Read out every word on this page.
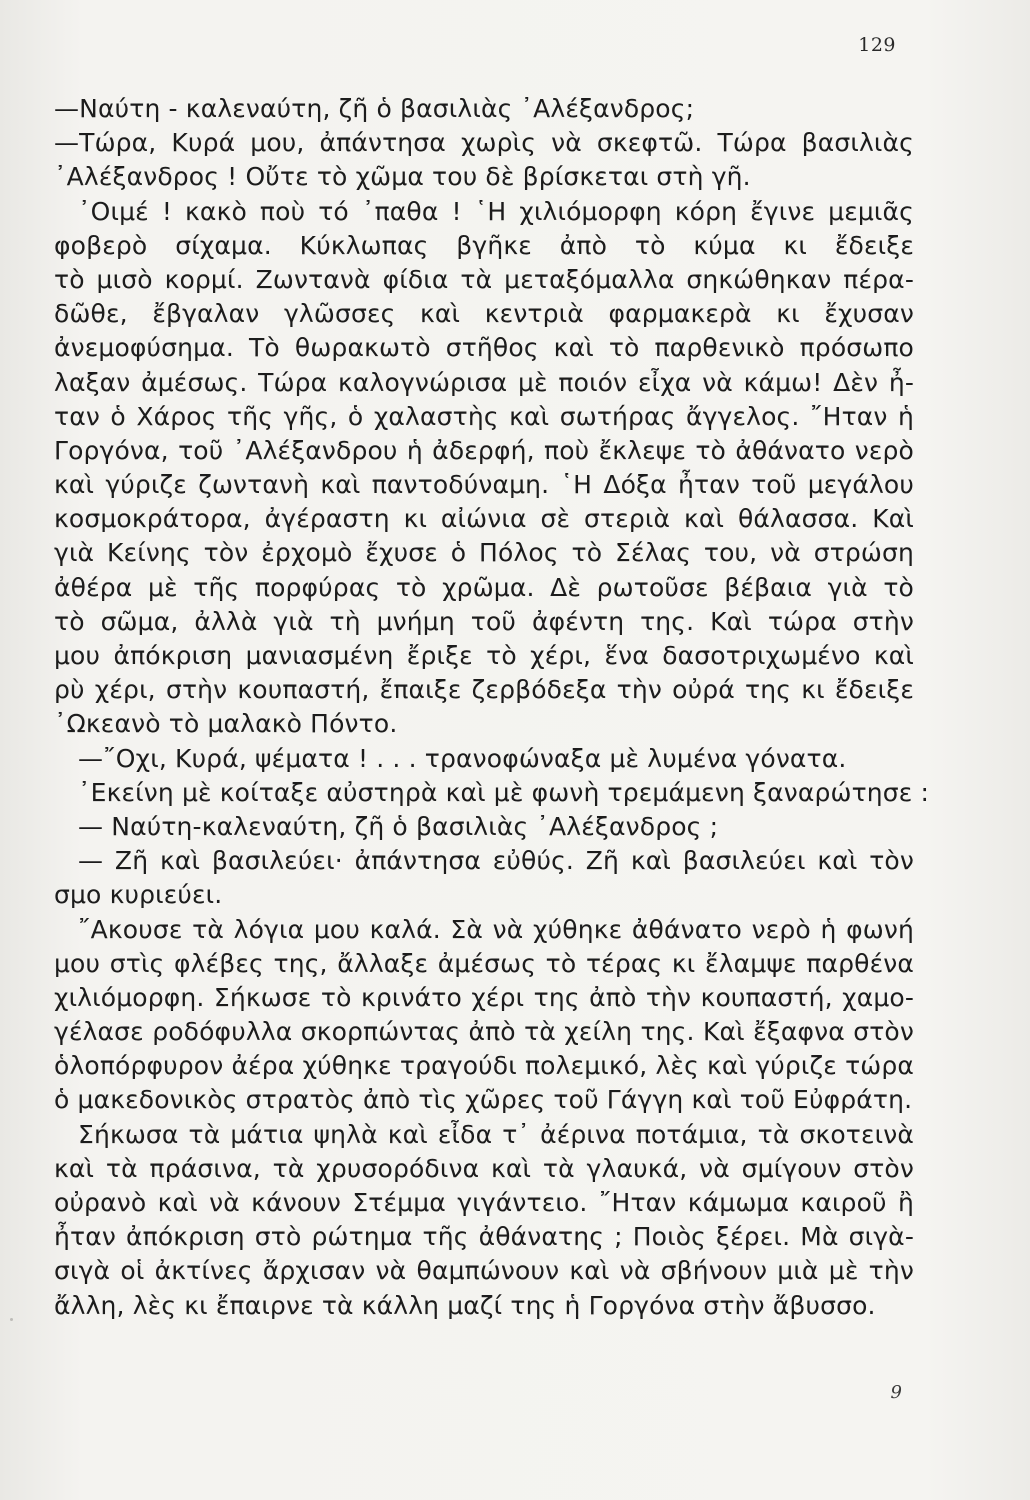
129
—Ναύτη - καλεναύτη, ζῆ ὁ βασιλιὰς ᾿Αλέξανδρος;
—Τώρα, Κυρά μου, ἀπάντησα χωρὶς νὰ σκεφτῶ. Τώρα βασιλιὰς
᾿Αλέξανδρος ! Οὔτε τὸ χῶμα του δὲ βρίσκεται στὴ γῆ.
᾿Οιμέ ! κακὸ ποὺ τό ᾿παθα ! ῾Η χιλιόμορφη κόρη ἔγινε μεμιᾶς
φοβερὸ σίχαμα. Κύκλωπας βγῆκε ἀπὸ τὸ κύμα κι ἔδειξε
τὸ μισὸ κορμί. Ζωντανὰ φίδια τὰ μεταξόμαλλα σηκώθηκαν πέρα-
δῶθε, ἔβγαλαν γλῶσσες καὶ κεντριὰ φαρμακερὰ κι ἔχυσαν
ἀνεμοφύσημα. Τὸ θωρακωτὸ στῆθος καὶ τὸ παρθενικὸ πρόσωπο
λαξαν ἀμέσως. Τώρα καλογνώρισα μὲ ποιόν εἶχα νὰ κάμω! Δὲν ἦ-
ταν ὁ Χάρος τῆς γῆς, ὁ χαλαστὴς καὶ σωτήρας ἄγγελος. ῎Ηταν ἡ
Γοργόνα, τοῦ ᾿Αλέξανδρου ἡ ἀδερφή, ποὺ ἔκλεψε τὸ ἀθάνατο νερὸ
καὶ γύριζε ζωντανὴ καὶ παντοδύναμη. ῾Η Δόξα ἦταν τοῦ μεγάλου
κοσμοκράτορα, ἀγέραστη κι αἰώνια σὲ στεριὰ καὶ θάλασσα. Καὶ
γιὰ Κείνης τὸν ἐρχομὸ ἔχυσε ὁ Πόλος τὸ Σέλας του, νὰ στρώση
ἀθέρα μὲ τῆς πορφύρας τὸ χρῶμα. Δὲ ρωτοῦσε βέβαια γιὰ τὸ
τὸ σῶμα, ἀλλὰ γιὰ τὴ μνήμη τοῦ ἀφέντη της. Καὶ τώρα στὴν
μου ἀπόκριση μανιασμένη ἔριξε τὸ χέρι, ἕνα δασοτριχωμένο καὶ
ρὺ χέρι, στὴν κουπαστή, ἔπαιξε ζερβόδεξα τὴν οὐρά της κι ἔδειξε
᾿Ωκεανὸ τὸ μαλακὸ Πόντο.
—῎Οχι, Κυρά, ψέματα ! . . . τρανοφώναξα μὲ λυμένα γόνατα.
᾿Εκείνη μὲ κοίταξε αὐστηρὰ καὶ μὲ φωνὴ τρεμάμενη ξαναρώτησε :
— Ναύτη-καλεναύτη, ζῆ ὁ βασιλιὰς ᾿Αλέξανδρος ;
— Ζῆ καὶ βασιλεύει· ἀπάντησα εὐθύς. Ζῆ καὶ βασιλεύει καὶ τὸν
σμο κυριεύει.
῎Ακουσε τὰ λόγια μου καλά. Σὰ νὰ χύθηκε ἀθάνατο νερὸ ἡ φωνή
μου στὶς φλέβες της, ἄλλαξε ἀμέσως τὸ τέρας κι ἔλαμψε παρθένα
χιλιόμορφη. Σήκωσε τὸ κρινάτο χέρι της ἀπὸ τὴν κουπαστή, χαμο-
γέλασε ροδόφυλλα σκορπώντας ἀπὸ τὰ χείλη της. Καὶ ἔξαφνα στὸν
ὁλοπόρφυρον ἀέρα χύθηκε τραγούδι πολεμικό, λὲς καὶ γύριζε τώρα
ὁ μακεδονικὸς στρατὸς ἀπὸ τὶς χῶρες τοῦ Γάγγη καὶ τοῦ Εὐφράτη.
Σήκωσα τὰ μάτια ψηλὰ καὶ εἶδα τ᾿ ἀέρινα ποτάμια, τὰ σκοτεινὰ
καὶ τὰ πράσινα, τὰ χρυσορόδινα καὶ τὰ γλαυκά, νὰ σμίγουν στὸν
οὐρανὸ καὶ νὰ κάνουν Στέμμα γιγάντειο. ῎Ηταν κάμωμα καιροῦ ἢ
ἦταν ἀπόκριση στὸ ρώτημα τῆς ἀθάνατης ; Ποιὸς ξέρει. Μὰ σιγὰ-
σιγὰ οἱ ἀκτίνες ἄρχισαν νὰ θαμπώνουν καὶ νὰ σβήνουν μιὰ μὲ τὴν
ἄλλη, λὲς κι ἔπαιρνε τὰ κάλλη μαζί της ἡ Γοργόνα στὴν ἄβυσσο.
9
